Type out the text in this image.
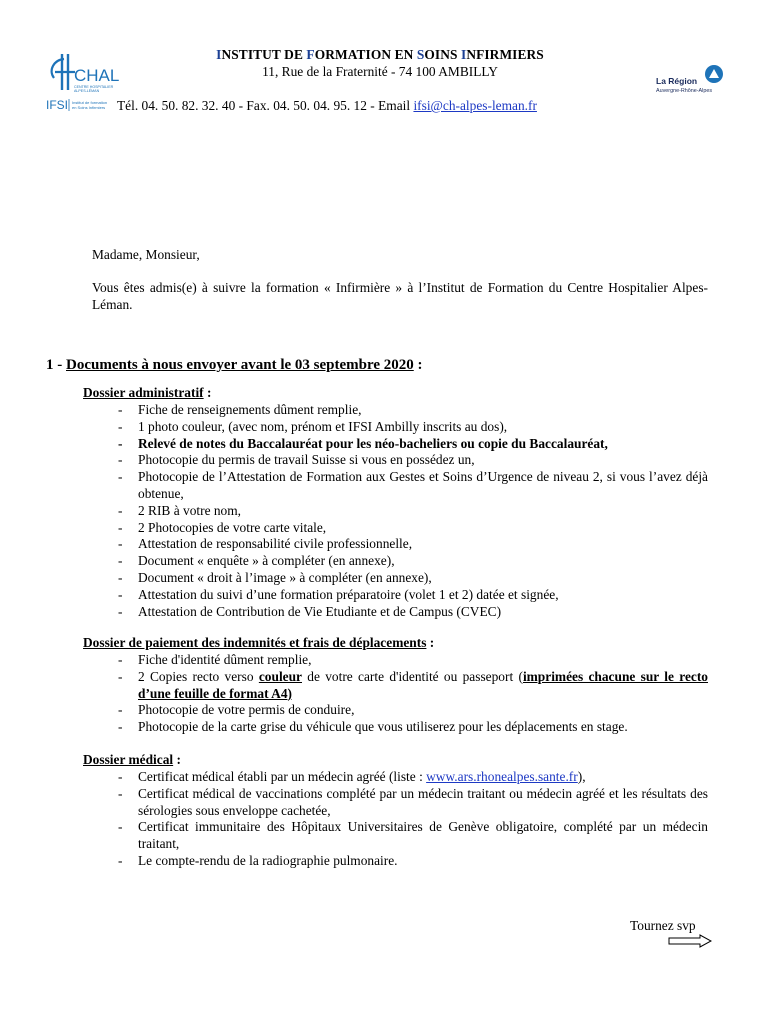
CHAL
CENTRE HOSPITALIER
ALPES-LÉMAN
IFSI Institut de formation
en Soins Infirmiers
La Région
Auvergne-Rhône-Alpes
INSTITUT DE FORMATION EN SOINS INFIRMIERS
11, Rue de la Fraternité - 74 100 AMBILLY
Tél. 04. 50. 82. 32. 40 - Fax. 04. 50. 04. 95. 12 - Email ifsi@ch-alpes-leman.fr
Madame, Monsieur,
Vous êtes admis(e) à suivre la formation « Infirmière » à l’Institut de Formation du Centre Hospitalier Alpes-Léman.
1 - Documents à nous envoyer avant le 03 septembre 2020 :
Dossier administratif :
- Fiche de renseignements dûment remplie,
- 1 photo couleur, (avec nom, prénom et IFSI Ambilly inscrits au dos),
- Relevé de notes du Baccalauréat pour les néo-bacheliers ou copie du Baccalauréat,
- Photocopie du permis de travail Suisse si vous en possédez un,
- Photocopie de l’Attestation de Formation aux Gestes et Soins d’Urgence de niveau 2, si vous l’avez déjà obtenue,
- 2 RIB à votre nom,
- 2 Photocopies de votre carte vitale,
- Attestation de responsabilité civile professionnelle,
- Document « enquête » à compléter (en annexe),
- Document « droit à l’image » à compléter (en annexe),
- Attestation du suivi d’une formation préparatoire (volet 1 et 2) datée et signée,
- Attestation de Contribution de Vie Etudiante et de Campus (CVEC)
Dossier de paiement des indemnités et frais de déplacements :
- Fiche d'identité dûment remplie,
- 2 Copies recto verso couleur de votre carte d'identité ou passeport (imprimées chacune sur le recto d’une feuille de format A4)
- Photocopie de votre permis de conduire,
- Photocopie de la carte grise du véhicule que vous utiliserez pour les déplacements en stage.
Dossier médical :
- Certificat médical établi par un médecin agréé (liste : www.ars.rhonealpes.sante.fr),
- Certificat médical de vaccinations complété par un médecin traitant ou médecin agréé et les résultats des sérologies sous enveloppe cachetée,
- Certificat immunitaire des Hôpitaux Universitaires de Genève obligatoire, complété par un médecin traitant,
- Le compte-rendu de la radiographie pulmonaire.
Tournez svp
